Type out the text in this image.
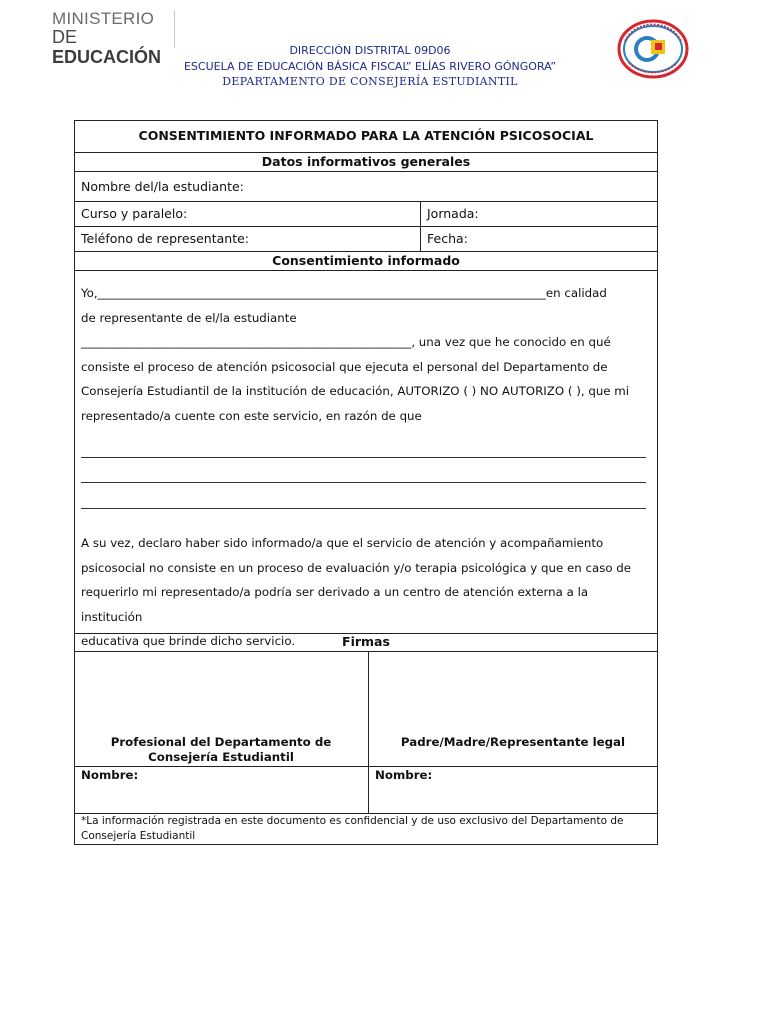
MINISTERIO
DE EDUCACIÓN	DIRECCIÓN DISTRITAL 09D06
ESCUELA DE EDUCACIÓN BÁSICA FISCAL” ELÍAS RIVERO GÓNGORA”
DEPARTAMENTO DE CONSEJERÍA ESTUDIANTIL
CONSENTIMIENTO INFORMADO PARA LA ATENCIÓN PSICOSOCIAL
Datos informativos generales
Nombre del/la estudiante:
Curso y paralelo:	Jornada:
Teléfono de representante:	Fecha:
Consentimiento informado
Yo,____________________________________________________________________________en calidad
de representante de el/la estudiante
________________________________________________________, una vez que he conocido en qué
consiste el proceso de atención psicosocial que ejecuta el personal del Departamento de
Consejería Estudiantil de la institución de educación, AUTORIZO ( ) NO AUTORIZO ( ), que mi
representado/a cuente con este servicio, en razón de que
A su vez, declaro haber sido informado/a que el servicio de atención y acompañamiento
psicosocial no consiste en un proceso de evaluación y/o terapia psicológica y que en caso de
requerirlo mi representado/a podría ser derivado a un centro de atención externa a la institución
educativa que brinde dicho servicio.	Firmas
Profesional del Departamento de Consejería Estudiantil
Padre/Madre/Representante legal
Nombre:	Nombre:
*La información registrada en este documento es confidencial y de uso exclusivo del Departamento de Consejería Estudiantil
